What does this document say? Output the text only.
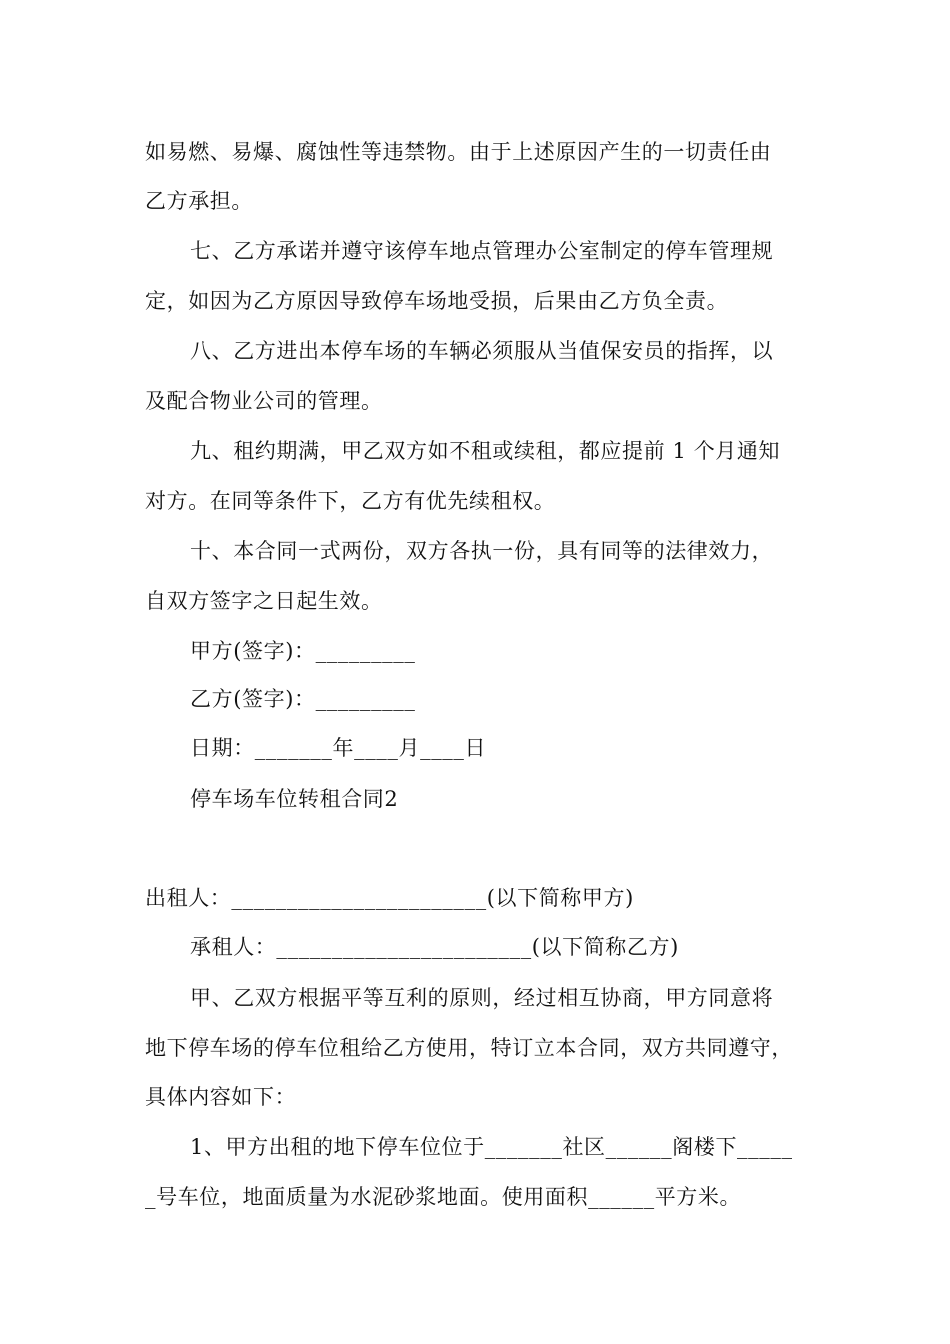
如易燃、易爆、腐蚀性等违禁物。由于上述原因产生的一切责任由
乙方承担。
七、乙方承诺并遵守该停车地点管理办公室制定的停车管理规
定，如因为乙方原因导致停车场地受损，后果由乙方负全责。
八、乙方进出本停车场的车辆必须服从当值保安员的指挥，以
及配合物业公司的管理。
九、租约期满，甲乙双方如不租或续租，都应提前 1 个月通知
对方。在同等条件下，乙方有优先续租权。
十、本合同一式两份，双方各执一份，具有同等的法律效力，
自双方签字之日起生效。
甲方(签字)：_________
乙方(签字)：_________
日期：_______年____月____日
停车场车位转租合同2
出租人：_______________________(以下简称甲方)
承租人：_______________________(以下简称乙方)
甲、乙双方根据平等互利的原则，经过相互协商，甲方同意将
地下停车场的停车位租给乙方使用，特订立本合同，双方共同遵守，
具体内容如下：
1、甲方出租的地下停车位位于_______社区______阁楼下_____
_号车位，地面质量为水泥砂浆地面。使用面积______平方米。
